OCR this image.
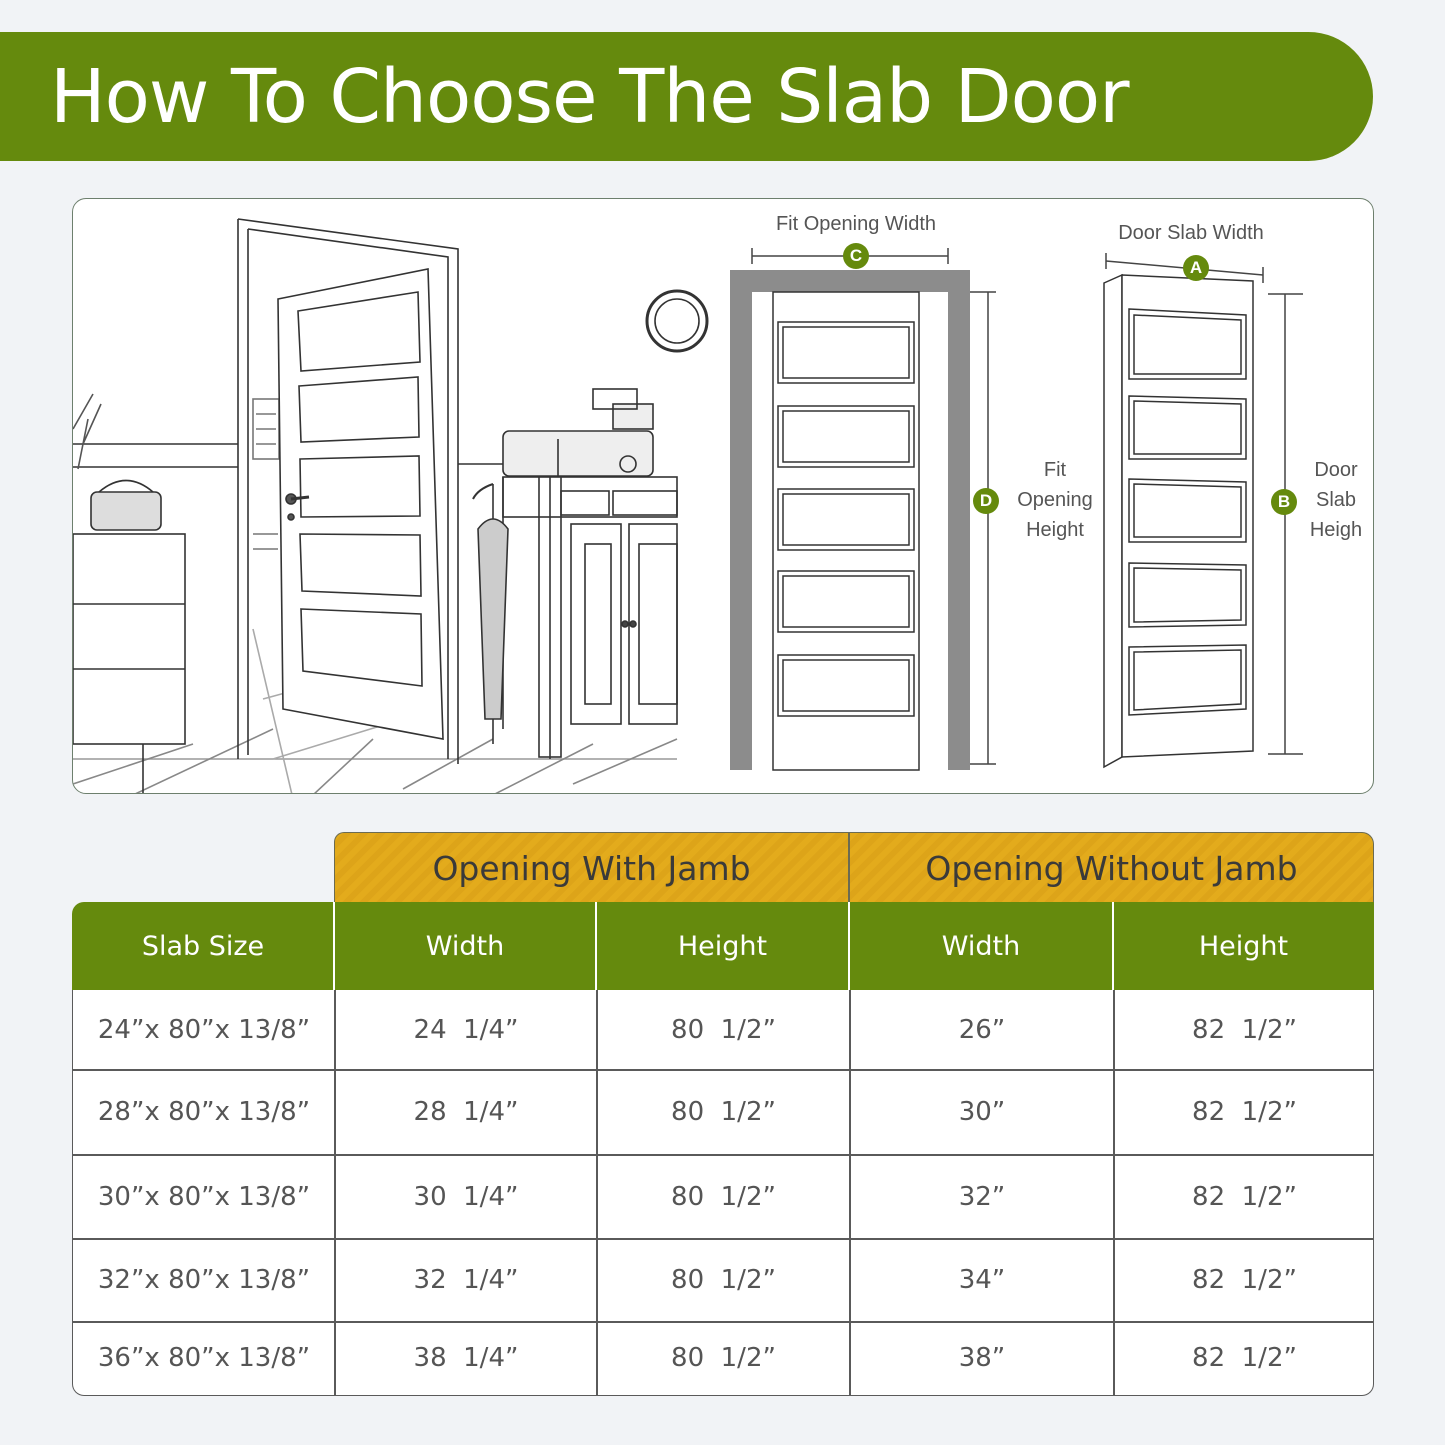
How To Choose The Slab Door
C
D
A
B
Fit Opening Width	Door Slab Width
Fit
Opening
Height
Door
Slab
Heigh
Opening With Jamb	Opening Without Jamb
Slab Size	Width	Height	Width	Height
24”x 80”x 13/8”	24  1/4”	80  1/2”	26”	82  1/2”
28”x 80”x 13/8”	28  1/4”	80  1/2”	30”	82  1/2”
30”x 80”x 13/8”	30  1/4”	80  1/2”	32”	82  1/2”
32”x 80”x 13/8”	32  1/4”	80  1/2”	34”	82  1/2”
36”x 80”x 13/8”	38  1/4”	80  1/2”	38”	82  1/2”
